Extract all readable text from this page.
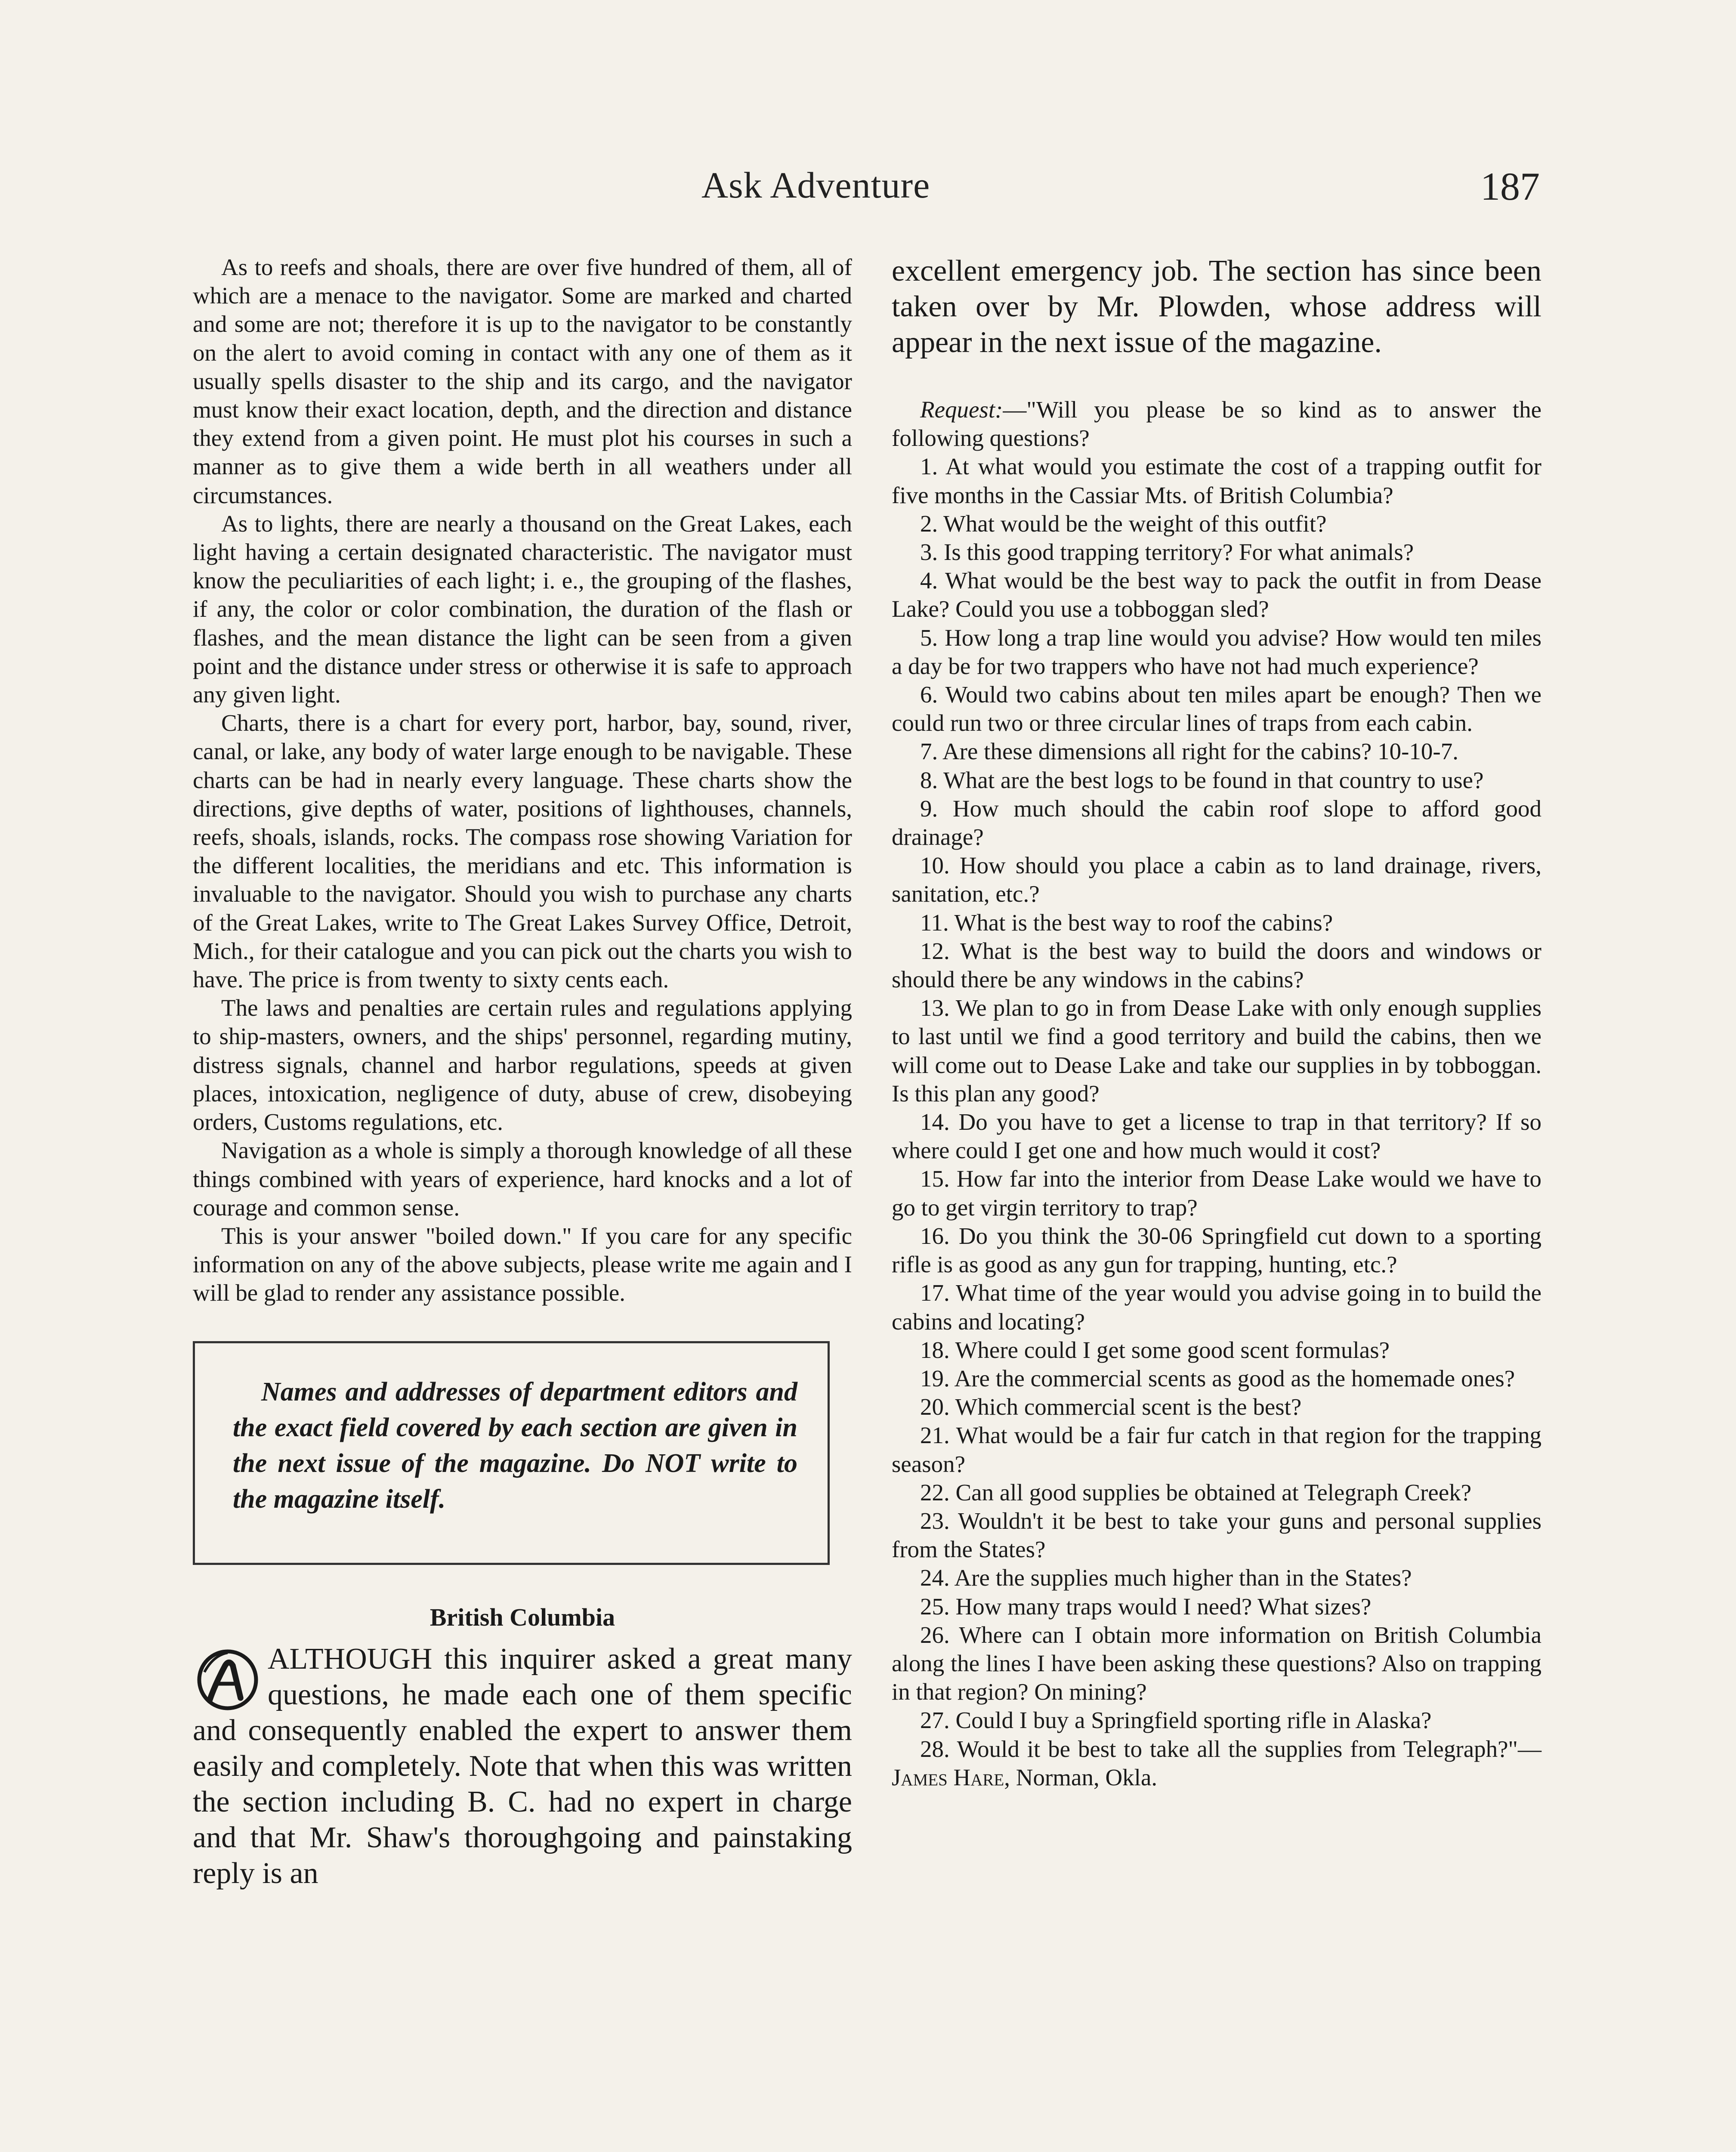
Ask Adventure	187

As to reefs and shoals, there are over five hundred of them, all of which are a menace to the navigator. Some are marked and charted and some are not; therefore it is up to the navigator to be constantly on the alert to avoid coming in contact with any one of them as it usually spells disaster to the ship and its cargo, and the navigator must know their exact location, depth, and the direction and distance they extend from a given point. He must plot his courses in such a manner as to give them a wide berth in all weathers under all circumstances.

As to lights, there are nearly a thousand on the Great Lakes, each light having a certain designated characteristic. The navigator must know the peculiarities of each light; i. e., the grouping of the flashes, if any, the color or color combination, the duration of the flash or flashes, and the mean distance the light can be seen from a given point and the distance under stress or otherwise it is safe to approach any given light.

Charts, there is a chart for every port, harbor, bay, sound, river, canal, or lake, any body of water large enough to be navigable. These charts can be had in nearly every language. These charts show the directions, give depths of water, positions of lighthouses, channels, reefs, shoals, islands, rocks. The compass rose showing Variation for the different localities, the meridians and etc. This information is invaluable to the navigator. Should you wish to purchase any charts of the Great Lakes, write to The Great Lakes Survey Office, Detroit, Mich., for their catalogue and you can pick out the charts you wish to have. The price is from twenty to sixty cents each.

The laws and penalties are certain rules and regulations applying to ship-masters, owners, and the ships' personnel, regarding mutiny, distress signals, channel and harbor regulations, speeds at given places, intoxication, negligence of duty, abuse of crew, disobeying orders, Customs regulations, etc.

Navigation as a whole is simply a thorough knowledge of all these things combined with years of experience, hard knocks and a lot of courage and common sense.

This is your answer "boiled down." If you care for any specific information on any of the above subjects, please write me again and I will be glad to render any assistance possible.

Names and addresses of department editors and the exact field covered by each section are given in the next issue of the magazine. Do NOT write to the magazine itself.

British Columbia

ALTHOUGH this inquirer asked a great many questions, he made each one of them specific and consequently enabled the expert to answer them easily and completely. Note that when this was written the section including B. C. had no expert in charge and that Mr. Shaw's thoroughgoing and painstaking reply is an

excellent emergency job. The section has since been taken over by Mr. Plowden, whose address will appear in the next issue of the magazine.

Request:—"Will you please be so kind as to answer the following questions?

1. At what would you estimate the cost of a trapping outfit for five months in the Cassiar Mts. of British Columbia?

2. What would be the weight of this outfit?

3. Is this good trapping territory? For what animals?

4. What would be the best way to pack the outfit in from Dease Lake? Could you use a tobboggan sled?

5. How long a trap line would you advise? How would ten miles a day be for two trappers who have not had much experience?

6. Would two cabins about ten miles apart be enough? Then we could run two or three circular lines of traps from each cabin.

7. Are these dimensions all right for the cabins? 10-10-7.

8. What are the best logs to be found in that country to use?

9. How much should the cabin roof slope to afford good drainage?

10. How should you place a cabin as to land drainage, rivers, sanitation, etc.?

11. What is the best way to roof the cabins?

12. What is the best way to build the doors and windows or should there be any windows in the cabins?

13. We plan to go in from Dease Lake with only enough supplies to last until we find a good territory and build the cabins, then we will come out to Dease Lake and take our supplies in by tobboggan. Is this plan any good?

14. Do you have to get a license to trap in that territory? If so where could I get one and how much would it cost?

15. How far into the interior from Dease Lake would we have to go to get virgin territory to trap?

16. Do you think the 30-06 Springfield cut down to a sporting rifle is as good as any gun for trapping, hunting, etc.?

17. What time of the year would you advise going in to build the cabins and locating?

18. Where could I get some good scent formulas?

19. Are the commercial scents as good as the homemade ones?

20. Which commercial scent is the best?

21. What would be a fair fur catch in that region for the trapping season?

22. Can all good supplies be obtained at Telegraph Creek?

23. Wouldn't it be best to take your guns and personal supplies from the States?

24. Are the supplies much higher than in the States?

25. How many traps would I need? What sizes?

26. Where can I obtain more information on British Columbia along the lines I have been asking these questions? Also on trapping in that region? On mining?

27. Could I buy a Springfield sporting rifle in Alaska?

28. Would it be best to take all the supplies from Telegraph?"—James Hare, Norman, Okla.
